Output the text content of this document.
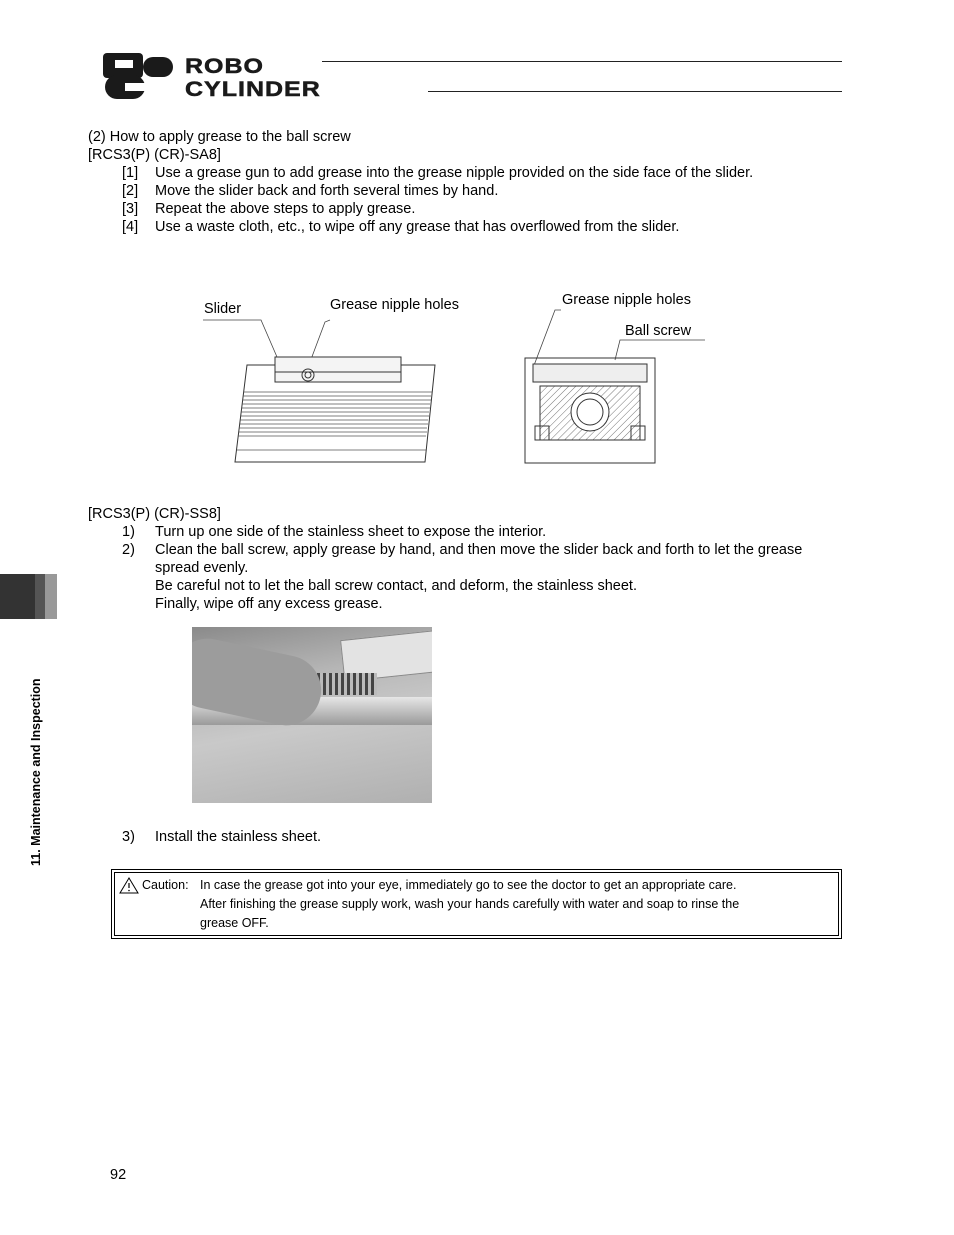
ROBO
CYLINDER
11. Maintenance and Inspection
(2) How to apply grease to the ball screw
[RCS3(P) (CR)-SA8]
[1] Use a grease gun to add grease into the grease nipple provided on the side face of the slider.
[2] Move the slider back and forth several times by hand.
[3] Repeat the above steps to apply grease.
[4] Use a waste cloth, etc., to wipe off any grease that has overflowed from the slider.
Slider	Grease nipple holes	Grease nipple holes
Ball screw
[RCS3(P) (CR)-SS8]
1) Turn up one side of the stainless sheet to expose the interior.
2) Clean the ball screw, apply grease by hand, and then move the slider back and forth to let the grease
spread evenly.
Be careful not to let the ball screw contact, and deform, the stainless sheet.
Finally, wipe off any excess grease.
3) Install the stainless sheet.
Caution: In case the grease got into your eye, immediately go to see the doctor to get an appropriate care.
After finishing the grease supply work, wash your hands carefully with water and soap to rinse the
grease OFF.
92
